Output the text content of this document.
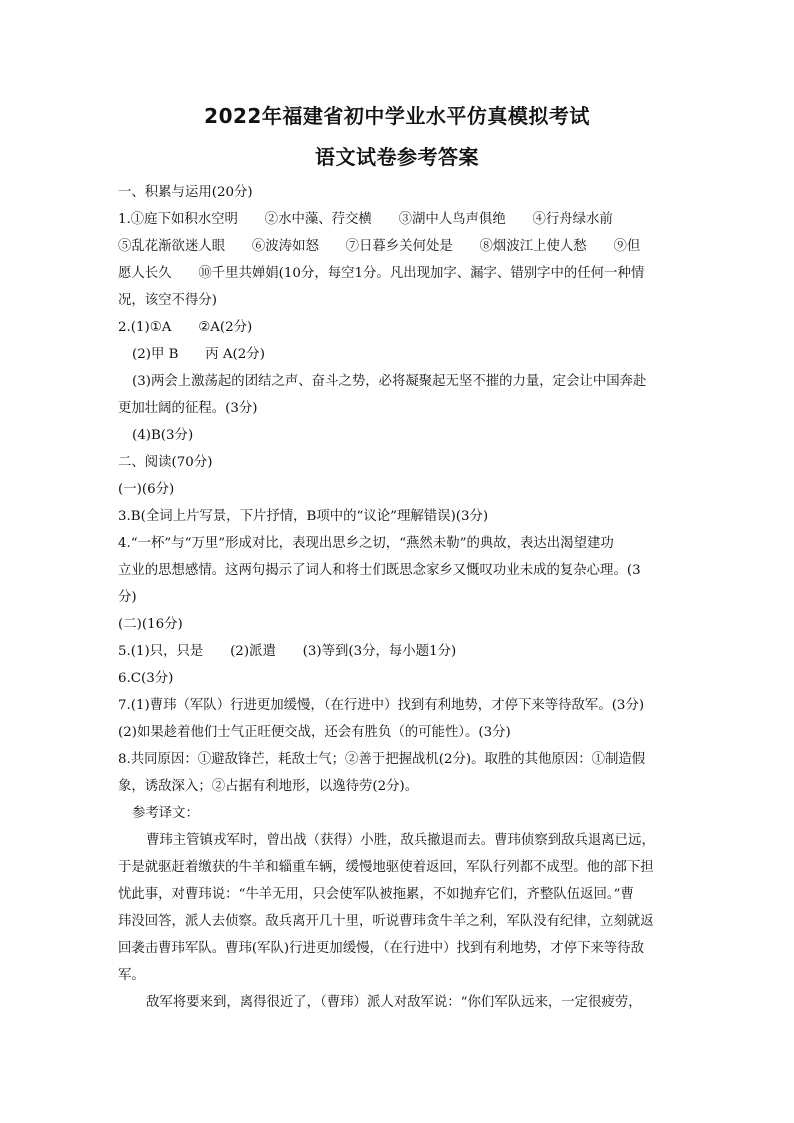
2022年福建省初中学业水平仿真模拟考试
语文试卷参考答案

一、积累与运用(20分)

1.①庭下如积水空明　　②水中藻、荇交横　　③湖中人鸟声俱绝　　④行舟绿水前

⑤乱花渐欲迷人眼　　⑥波涛如怒　　⑦日暮乡关何处是　　⑧烟波江上使人愁　　⑨但

愿人长久　　⑩千里共婵娟(10分，每空1分。凡出现加字、漏字、错别字中的任何一种情

况，该空不得分)

2.(1)①A　　②A(2分)

(2)甲 B　　丙 A(2分)

(3)两会上激荡起的团结之声、奋斗之势，必将凝聚起无坚不摧的力量，定会让中国奔赴

更加壮阔的征程。(3分)

(4)B(3分)

二、阅读(70分)

(一)(6分)

3.B(全词上片写景，下片抒情，B项中的“议论”理解错误)(3分)

4.“一杯”与“万里”形成对比，表现出思乡之切，“燕然未勒”的典故，表达出渴望建功

立业的思想感情。这两句揭示了词人和将士们既思念家乡又慨叹功业未成的复杂心理。(3

分)

(二)(16分)

5.(1)只，只是　　(2)派遣　　(3)等到(3分，每小题1分)

6.C(3分)

7.(1)曹玮（军队）行进更加缓慢，（在行进中）找到有利地势，才停下来等待敌军。(3分)

(2)如果趁着他们士气正旺便交战，还会有胜负（的可能性）。(3分)

8.共同原因：①避敌锋芒，耗敌士气；②善于把握战机(2分)。取胜的其他原因：①制造假

象，诱敌深入；②占据有利地形，以逸待劳(2分)。

参考译文：

曹玮主管镇戎军时，曾出战（获得）小胜，敌兵撤退而去。曹玮侦察到敌兵退离已远，

于是就驱赶着缴获的牛羊和辎重车辆，缓慢地驱使着返回，军队行列都不成型。他的部下担

忧此事，对曹玮说：“牛羊无用，只会使军队被拖累，不如抛弃它们，齐整队伍返回。”曹

玮没回答，派人去侦察。敌兵离开几十里，听说曹玮贪牛羊之利，军队没有纪律，立刻就返

回袭击曹玮军队。曹玮(军队)行进更加缓慢，（在行进中）找到有利地势，才停下来等待敌

军。

敌军将要来到，离得很近了，（曹玮）派人对敌军说：“你们军队远来，一定很疲劳，
